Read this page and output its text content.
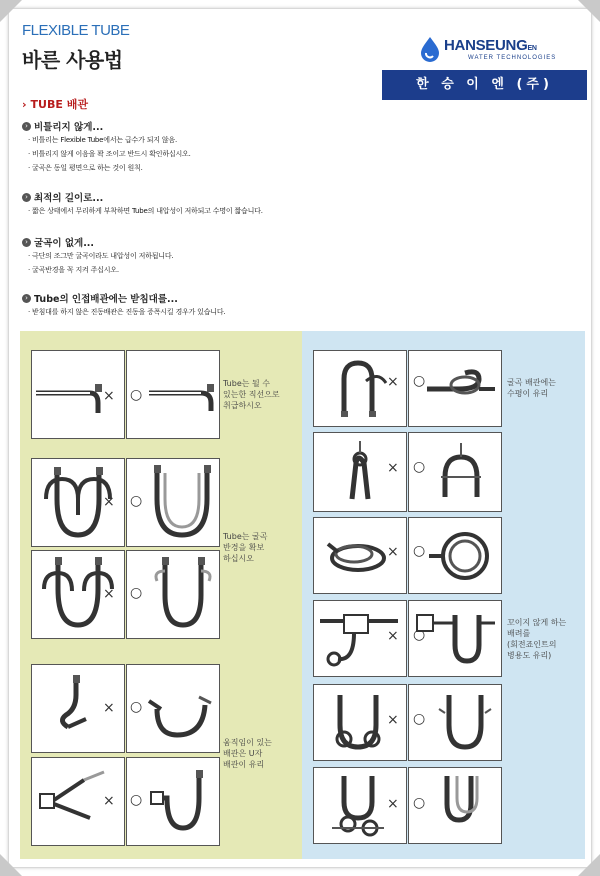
FLEXIBLE TUBE
바른 사용법
HANSEUNGEN
WATER TECHNOLOGIES
한 승 이 엔 (주)
› TUBE 배관
› 비틀리지 않게...
· 비틀리는 Flexible Tube에서는 급수가 되지 않음.
· 비틀리지 않게 이음을 꽉 조이고 반드시 확인하십시오.
· 굴곡은 동일 평면으로 하는 것이 원칙.
› 최적의 길이로...
· 짧은 상태에서 무리하게 부착하면 Tube의 내압성이 저하되고 수명이 짧습니다.
› 굴곡이 없게...
· 극단의 조그만 굴곡이라도 내압성이 저하됩니다.
· 굴곡반경을 꼭 지켜 주십시오.
› Tube의 인접배관에는 받침대를...
· 받침대를 하지 않은 진동배관은 진동을 증폭시킬 경우가 있습니다.
× ○
Tube는 될 수
있는한 직선으로
취급하시오
× ○
× ○
Tube는 굴곡
반경을 확보
하십시오
× ○
× ○
움직임이 있는
배관은 U자
배관이 유리
× ○	굴곡 배관에는
수평이 유리
× ○
× ○
× ○
꼬이지 않게 하는
배려를
(회전죠인트의
병용도 유리)
× ○
× ○
